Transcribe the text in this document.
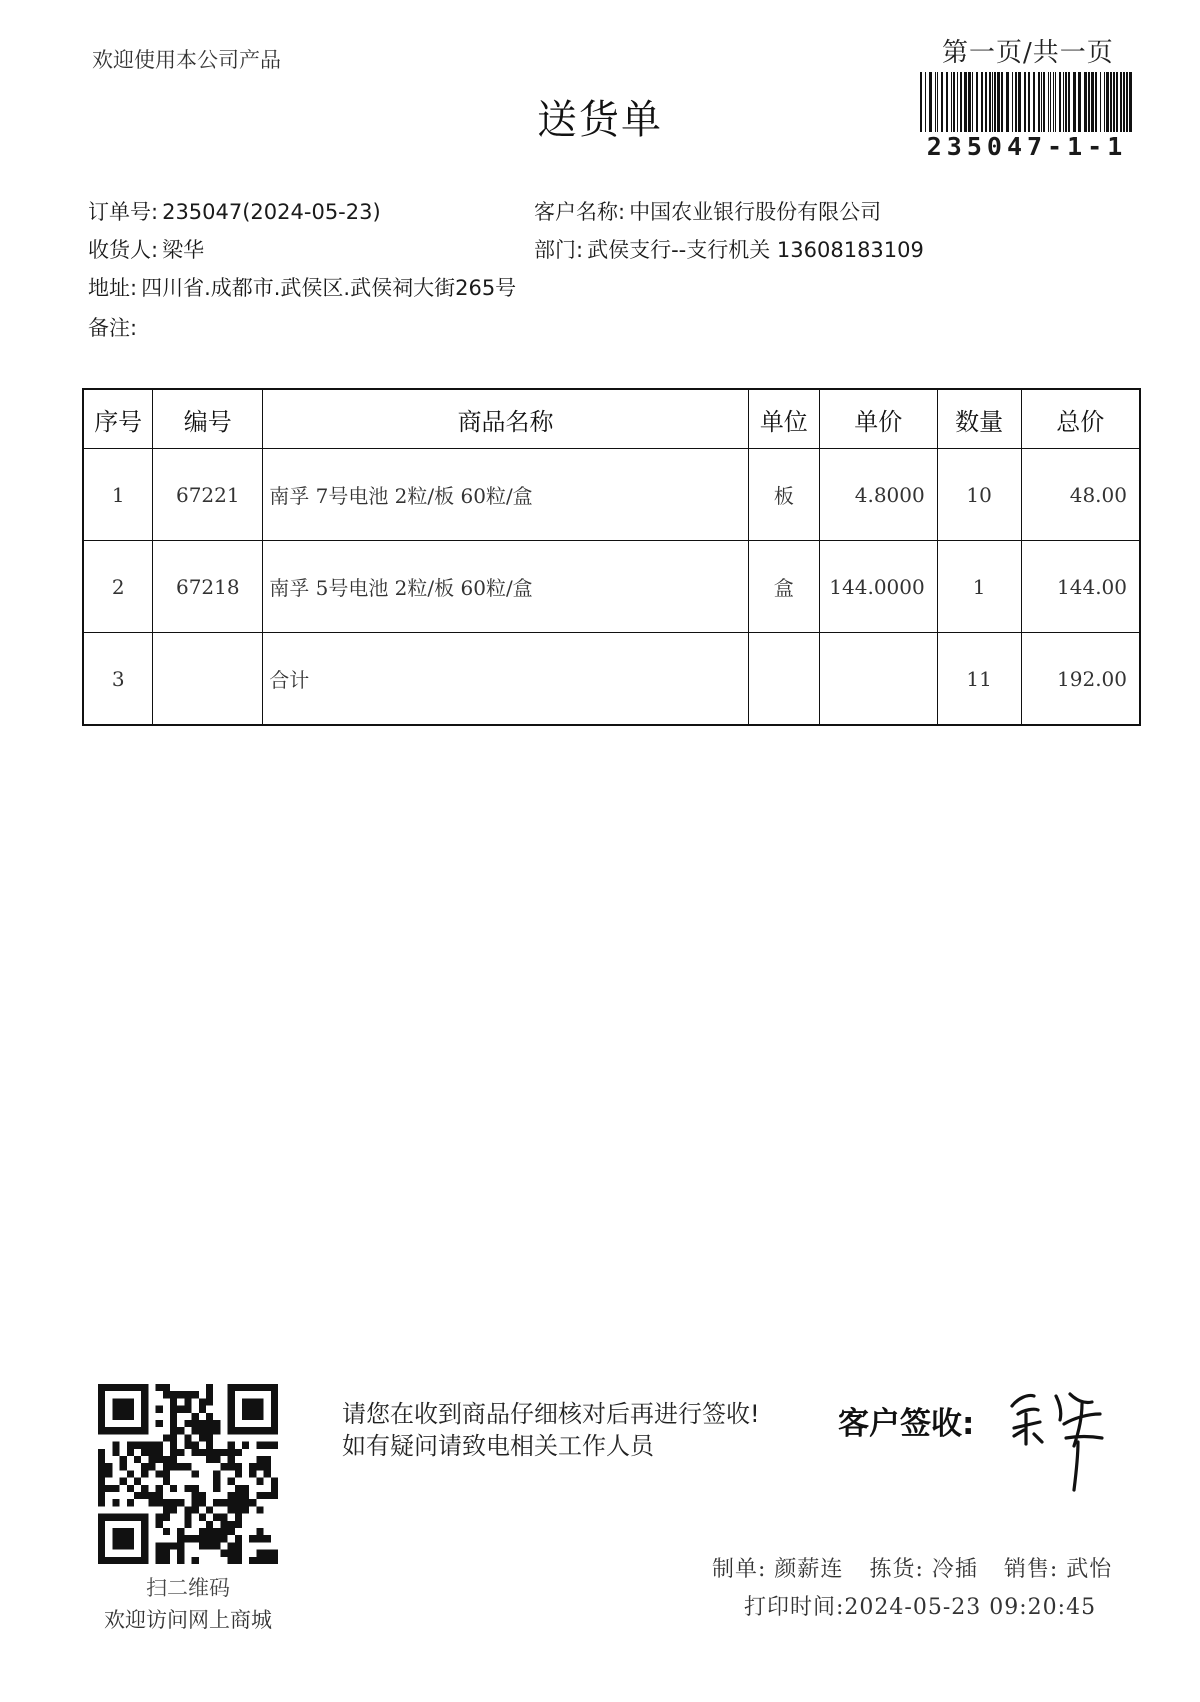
欢迎使用本公司产品
送货单
第一页/共一页
235047-1-1
订单号: 235047(2024-05-23)	客户名称: 中国农业银行股份有限公司
收货人: 梁华	部门: 武侯支行--支行机关 13608183109
地址: 四川省.成都市.武侯区.武侯祠大街265号
备注:
序号	编号	商品名称	单位	单价	数量	总价
1	67221	南孚 7号电池 2粒/板 60粒/盒	板	4.8000	10	48.00
2	67218	南孚 5号电池 2粒/板 60粒/盒	盒	144.0000	1	144.00
3		合计			11	192.00
扫二维码
欢迎访问网上商城
请您在收到商品仔细核对后再进行签收!如有疑问请致电相关工作人员
客户签收:
制单: 颜薪连 拣货: 冷插 销售: 武怡
打印时间:2024-05-23 09:20:45
